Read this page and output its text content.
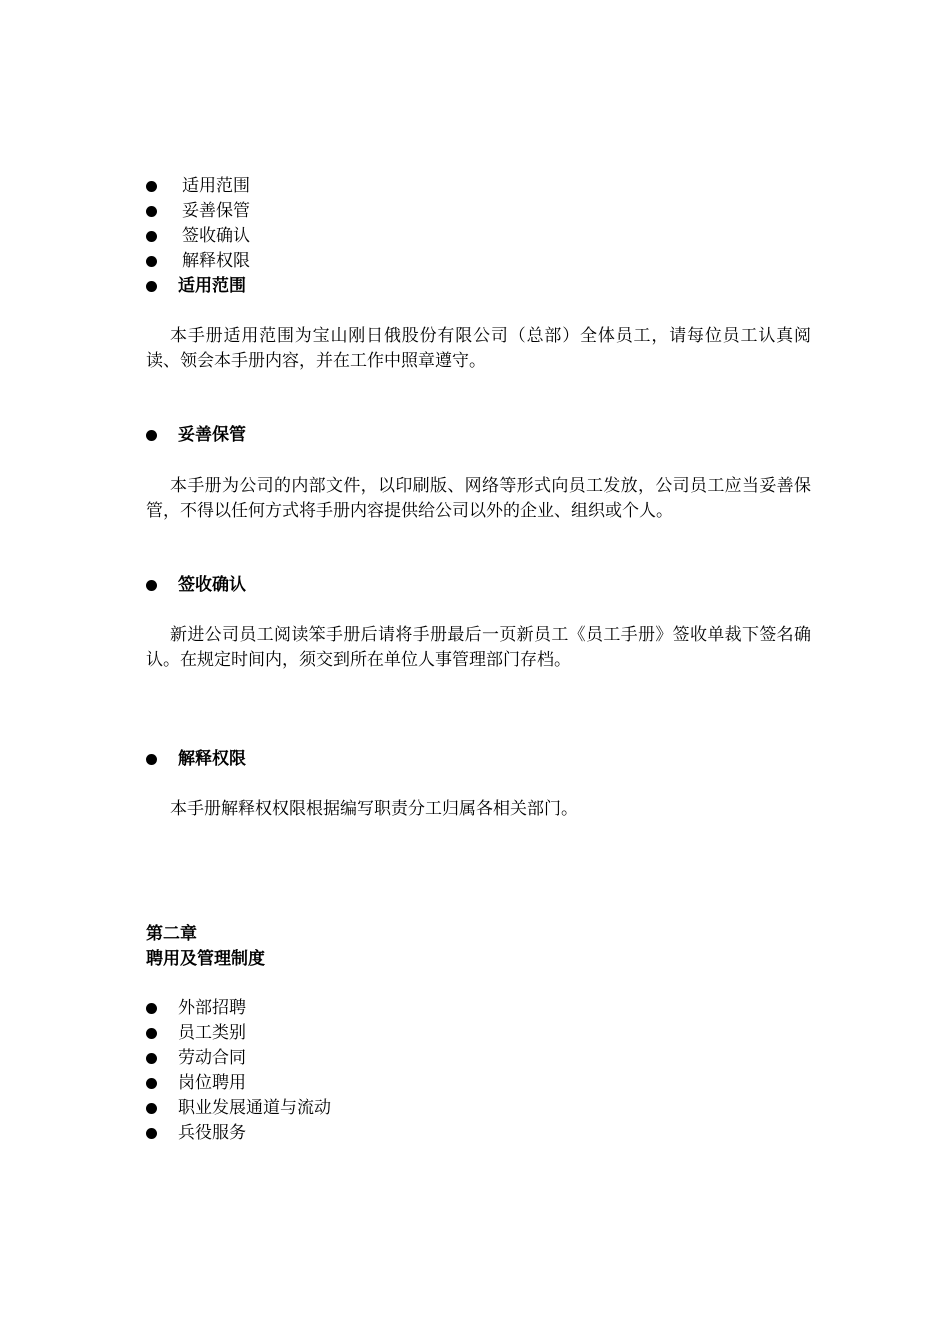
适用范围
妥善保管
签收确认
解释权限
适用范围
本手册适用范围为宝山刚日俄股份有限公司（总部）全体员工，请每位员工认真阅读、领会本手册内容，并在工作中照章遵守。
妥善保管
本手册为公司的内部文件，以印刷版、网络等形式向员工发放，公司员工应当妥善保管，不得以任何方式将手册内容提供给公司以外的企业、组织或个人。
签收确认
新进公司员工阅读笨手册后请将手册最后一页新员工《员工手册》签收单裁下签名确认。在规定时间内，须交到所在单位人事管理部门存档。
解释权限
本手册解释权权限根据编写职责分工归属各相关部门。
第二章
聘用及管理制度
外部招聘
员工类别
劳动合同
岗位聘用
职业发展通道与流动
兵役服务
